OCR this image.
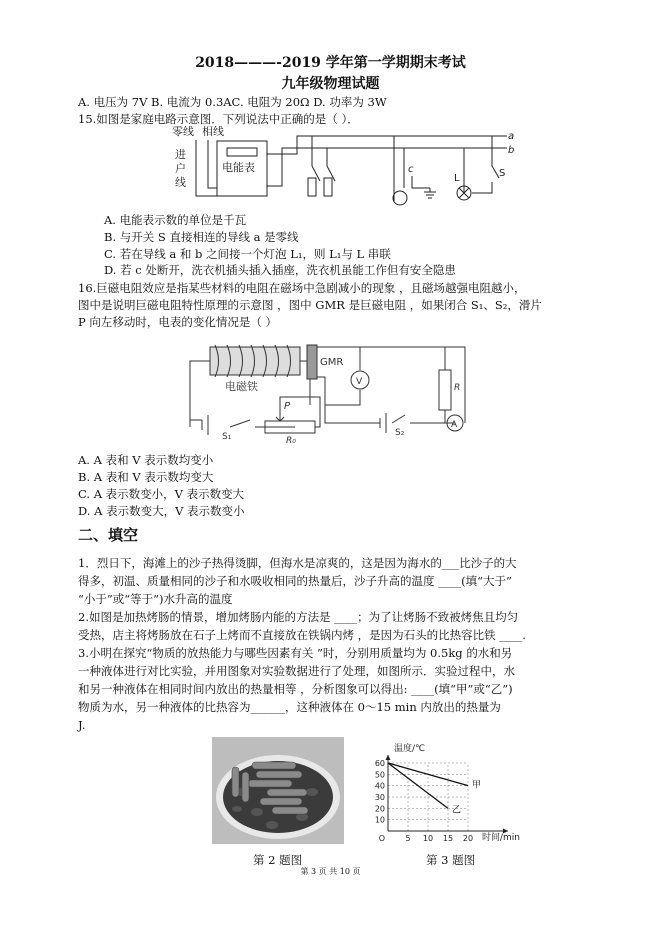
2018———-2019 学年第一学期期末考试
九年级物理试题
A. 电压为 7V B. 电流为 0.3AC. 电阻为 20Ω D. 功率为 3W
15.如图是家庭电路示意图．下列说法中正确的是（ ）．
零线 相线
进
户
线
电能表
a
b
c
L	S
A. 电能表示数的单位是千瓦
B. 与开关 S 直接相连的导线 a 是零线
C. 若在导线 a 和 b 之间接一个灯泡 L₁，则 L₁与 L 串联
D. 若 c 处断开，洗衣机插头插入插座，洗衣机虽能工作但有安全隐患
16.巨磁电阻效应是指某些材料的电阻在磁场中急剧减小的现象 ，且磁场越强电阻越小，
图中是说明巨磁电阻特性原理的示意图 ，图中 GMR 是巨磁电阻 ，如果闭合 S₁、S₂，滑片
P 向左移动时，电表的变化情况是（ ）
电磁铁
S₁
P
R₀
GMR
V
R
S₂
A
A. A 表和 V 表示数均变小
B. A 表和 V 表示数均变大
C. A 表示数变小，V 表示数变大
D. A 表示数变大，V 表示数变小
二、填空
1．烈日下，海滩上的沙子热得烫脚，但海水是凉爽的，这是因为海水的___比沙子的大
得多，初温、质量相同的沙子和水吸收相同的热量后，沙子升高的温度 ____(填“大于”
“小于”或“等于”)水升高的温度
2.如图是加热烤肠的情景，增加烤肠内能的方法是 ____；为了让烤肠不致被烤焦且均匀
受热，店主将烤肠放在石子上烤而不直接放在铁锅内烤 ，是因为石头的比热容比铁 ____.
3.小明在探究“物质的放热能力与哪些因素有关 ”时，分别用质量均为 0.5kg 的水和另
一种液体进行对比实验，并用图象对实验数据进行了处理，如图所示．实验过程中，水
和另一种液体在相同时间内放出的热量相等 ，分析图象可以得出: ____(填“甲”或“乙”)
物质为水，另一种液体的比热容为______，这种液体在 0～15 min 内放出的热量为
J.
温度/℃
时间/min
10
20
30
40
50
60
5 10 15 20
O
甲
乙
第 2 题图	第 3 题图
第 3 页 共 10 页
